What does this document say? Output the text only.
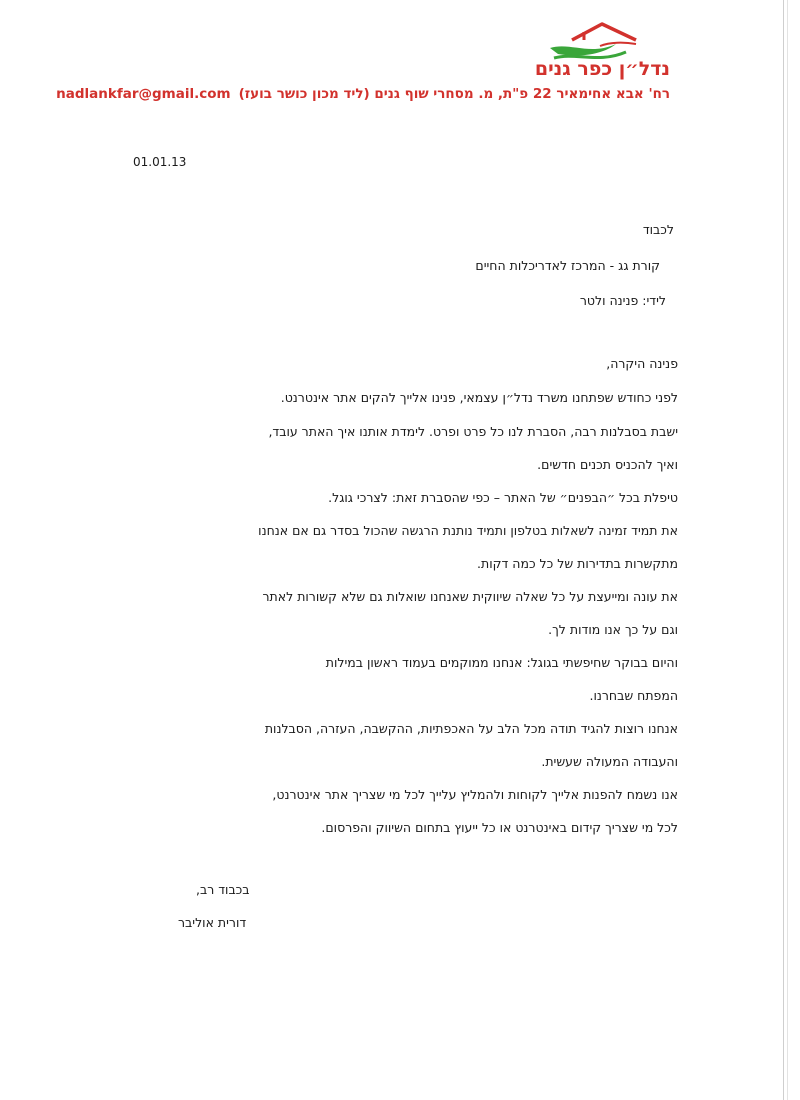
נדל״ן כפר גנים
רח' אבא אחימאיר 22 פ"ת, מ. מסחרי שוף גנים (ליד מכון כושר בועז)
nadlankfar@gmail.com
01.01.13
לכבוד
קורת גג - המרכז לאדריכלות החיים
לידי: פנינה ולטר
פנינה היקרה,
לפני כחודש שפתחנו משרד נדל״ן עצמאי, פנינו אלייך להקים אתר אינטרנט.
ישבת בסבלנות רבה, הסברת לנו כל פרט ופרט. לימדת אותנו איך האתר עובד,
ואיך להכניס תכנים חדשים.
טיפלת בכל ״הבפנים״ של האתר – כפי שהסברת זאת: לצרכי גוגל.
את תמיד זמינה לשאלות בטלפון ותמיד נותנת הרגשה שהכול בסדר גם אם אנחנו
מתקשרות בתדירות של כל כמה דקות.
את עונה ומייעצת על כל שאלה שיווקית שאנחנו שואלות גם שלא קשורות לאתר
וגם על כך אנו מודות לך.
והיום בבוקר שחיפשתי בגוגל: אנחנו ממוקמים בעמוד ראשון במילות
המפתח שבחרנו.
אנחנו רוצות להגיד תודה מכל הלב על האכפתיות, ההקשבה, העזרה, הסבלנות
והעבודה המעולה שעשית.
אנו נשמח להפנות אלייך לקוחות ולהמליץ עלייך לכל מי שצריך אתר אינטרנט,
לכל מי שצריך קידום באינטרנט או כל ייעוץ בתחום השיווק והפרסום.
בכבוד רב,
דורית אוליבר
